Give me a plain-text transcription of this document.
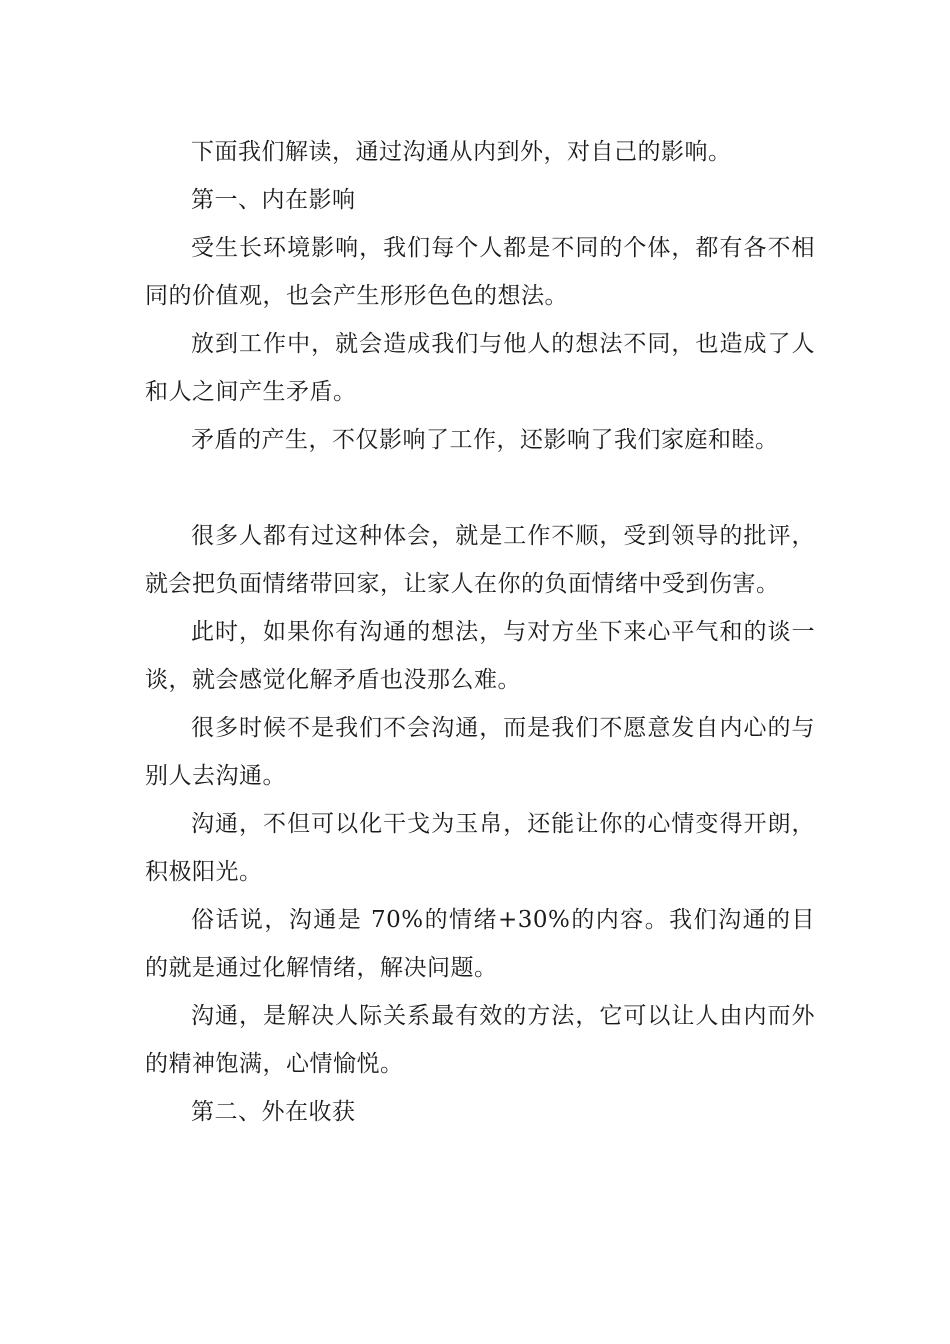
下面我们解读，通过沟通从内到外，对自己的影响。

第一、内在影响

受生长环境影响，我们每个人都是不同的个体，都有各不相同的价值观，也会产生形形色色的想法。

放到工作中，就会造成我们与他人的想法不同，也造成了人和人之间产生矛盾。

矛盾的产生，不仅影响了工作，还影响了我们家庭和睦。

很多人都有过这种体会，就是工作不顺，受到领导的批评，就会把负面情绪带回家，让家人在你的负面情绪中受到伤害。

此时，如果你有沟通的想法，与对方坐下来心平气和的谈一谈，就会感觉化解矛盾也没那么难。

很多时候不是我们不会沟通，而是我们不愿意发自内心的与别人去沟通。

沟通，不但可以化干戈为玉帛，还能让你的心情变得开朗，积极阳光。

俗话说，沟通是 70%的情绪+30%的内容。我们沟通的目的就是通过化解情绪，解决问题。

沟通，是解决人际关系最有效的方法，它可以让人由内而外的精神饱满，心情愉悦。

第二、外在收获
